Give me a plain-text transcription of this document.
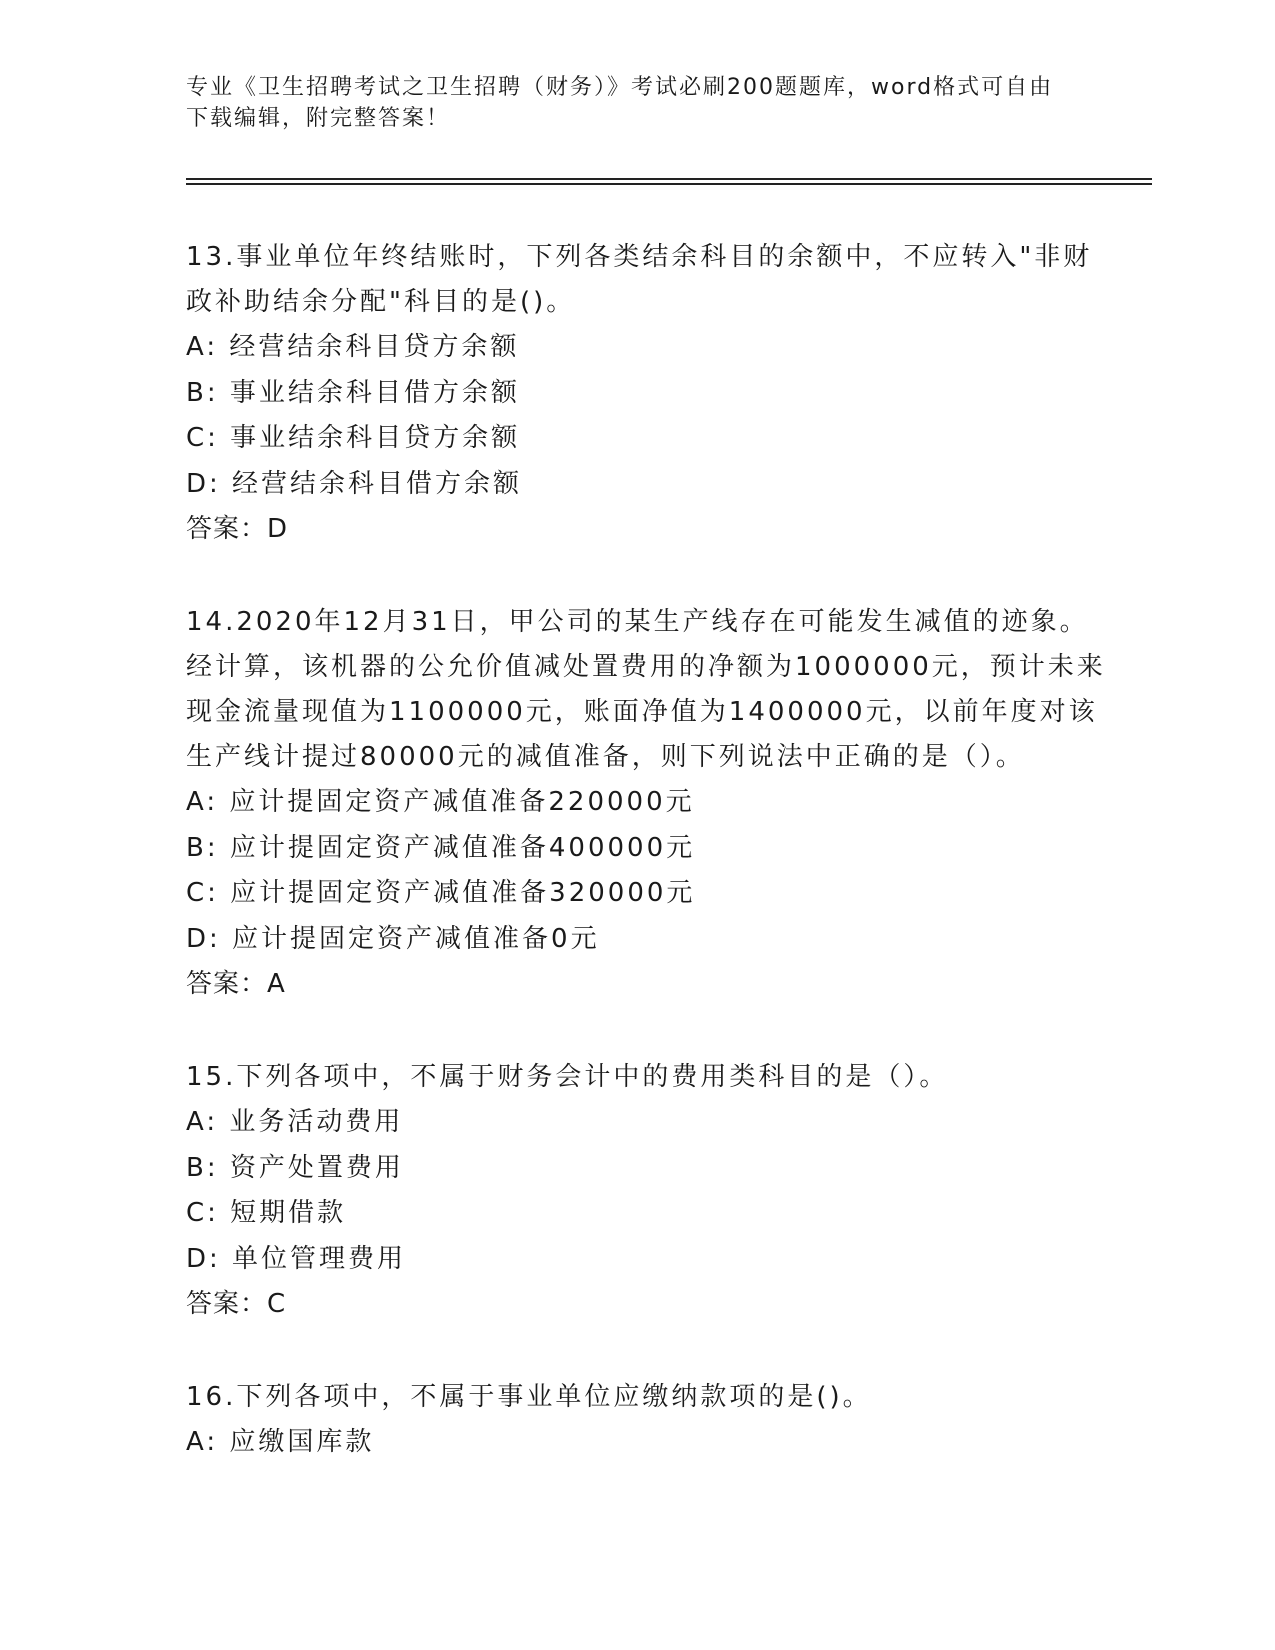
专业《卫生招聘考试之卫生招聘（财务）》考试必刷200题题库，word格式可自由下载编辑，附完整答案！
13.事业单位年终结账时，下列各类结余科目的余额中，不应转入"非财政补助结余分配"科目的是()。
A: 经营结余科目贷方余额
B: 事业结余科目借方余额
C: 事业结余科目贷方余额
D: 经营结余科目借方余额
答案：D
14.2020年12月31日，甲公司的某生产线存在可能发生减值的迹象。经计算，该机器的公允价值减处置费用的净额为1000000元，预计未来现金流量现值为1100000元，账面净值为1400000元，以前年度对该生产线计提过80000元的减值准备，则下列说法中正确的是（）。
A: 应计提固定资产减值准备220000元
B: 应计提固定资产减值准备400000元
C: 应计提固定资产减值准备320000元
D: 应计提固定资产减值准备0元
答案：A
15.下列各项中，不属于财务会计中的费用类科目的是（）。
A: 业务活动费用
B: 资产处置费用
C: 短期借款
D: 单位管理费用
答案：C
16.下列各项中，不属于事业单位应缴纳款项的是()。
A: 应缴国库款
